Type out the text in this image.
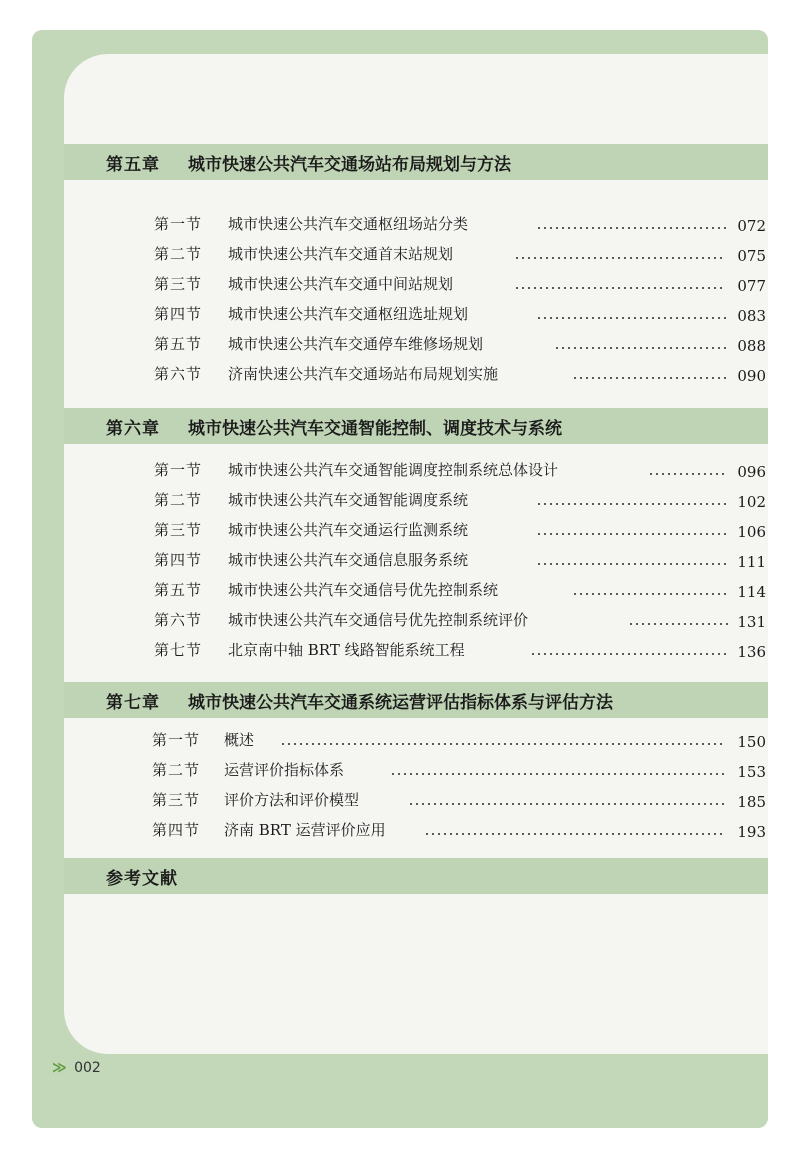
第五章 城市快速公共汽车交通场站布局规划与方法
第一节 城市快速公共汽车交通枢纽场站分类	072
第二节 城市快速公共汽车交通首末站规划	075
第三节 城市快速公共汽车交通中间站规划	077
第四节 城市快速公共汽车交通枢纽选址规划	083
第五节 城市快速公共汽车交通停车维修场规划	088
第六节 济南快速公共汽车交通场站布局规划实施	090
第六章 城市快速公共汽车交通智能控制、调度技术与系统
第一节 城市快速公共汽车交通智能调度控制系统总体设计	096
第二节 城市快速公共汽车交通智能调度系统	102
第三节 城市快速公共汽车交通运行监测系统	106
第四节 城市快速公共汽车交通信息服务系统	111
第五节 城市快速公共汽车交通信号优先控制系统	114
第六节 城市快速公共汽车交通信号优先控制系统评价	131
第七节 北京南中轴 BRT 线路智能系统工程	136
第七章 城市快速公共汽车交通系统运营评估指标体系与评估方法
第一节 概述	150
第二节 运营评价指标体系	153
第三节 评价方法和评价模型	185
第四节 济南 BRT 运营评价应用	193
参考文献
≫ 002
